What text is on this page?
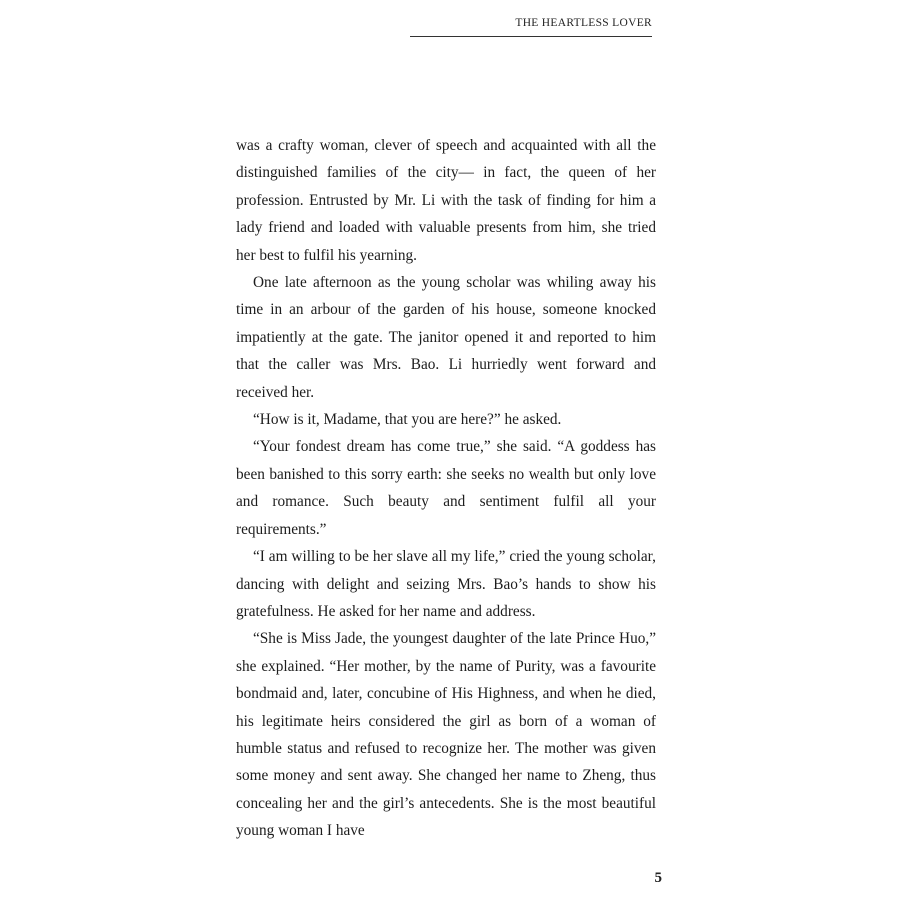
THE HEARTLESS LOVER

was a crafty woman, clever of speech and acquainted with all the distinguished families of the city— in fact, the queen of her profession. Entrusted by Mr. Li with the task of finding for him a lady friend and loaded with valuable presents from him, she tried her best to fulfil his yearning.

One late afternoon as the young scholar was whiling away his time in an arbour of the garden of his house, someone knocked impatiently at the gate. The janitor opened it and reported to him that the caller was Mrs. Bao. Li hurriedly went forward and received her.

“How is it, Madame, that you are here?” he asked.

“Your fondest dream has come true,” she said. “A goddess has been banished to this sorry earth: she seeks no wealth but only love and romance. Such beauty and sentiment fulfil all your requirements.”

“I am willing to be her slave all my life,” cried the young scholar, dancing with delight and seizing Mrs. Bao’s hands to show his gratefulness. He asked for her name and address.

“She is Miss Jade, the youngest daughter of the late Prince Huo,” she explained. “Her mother, by the name of Purity, was a favourite bondmaid and, later, concubine of His Highness, and when he died, his legitimate heirs considered the girl as born of a woman of humble status and refused to recognize her. The mother was given some money and sent away. She changed her name to Zheng, thus concealing her and the girl’s antecedents. She is the most beautiful young woman I have

5
